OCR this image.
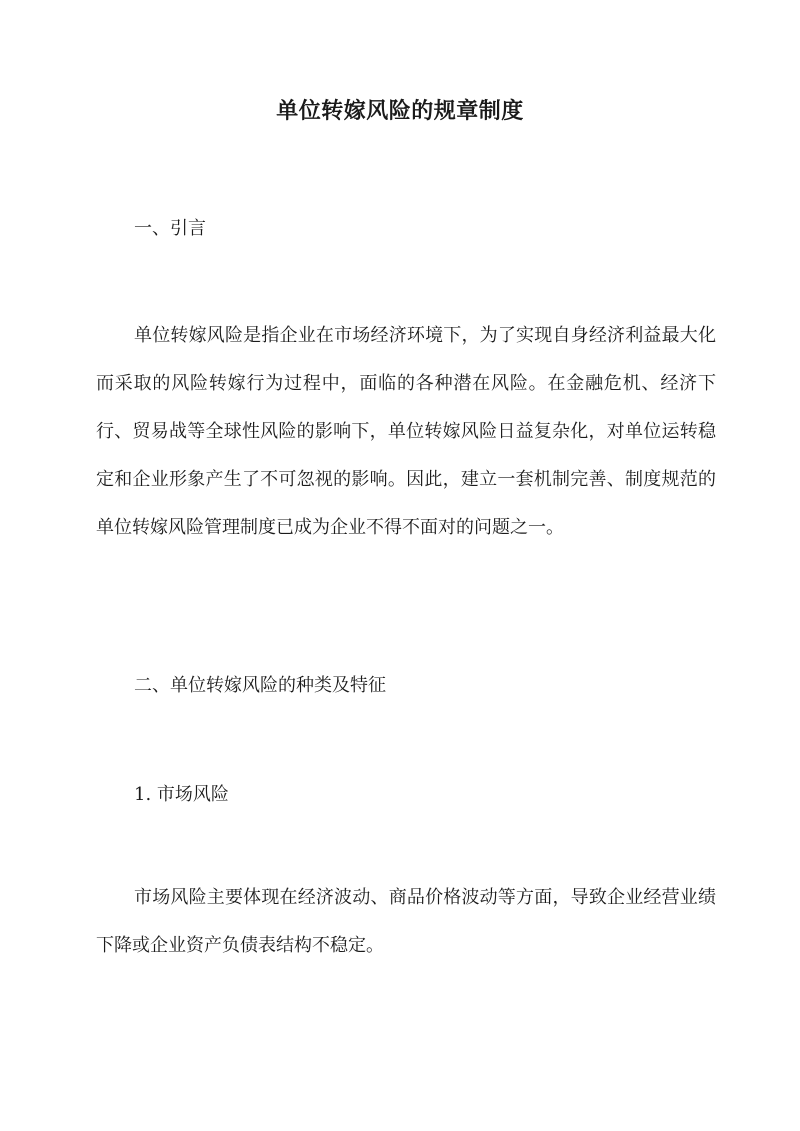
单位转嫁风险的规章制度
一、引言

单位转嫁风险是指企业在市场经济环境下，为了实现自身经济利益最大化而采取的风险转嫁行为过程中，面临的各种潜在风险。在金融危机、经济下行、贸易战等全球性风险的影响下，单位转嫁风险日益复杂化，对单位运转稳定和企业形象产生了不可忽视的影响。因此，建立一套机制完善、制度规范的单位转嫁风险管理制度已成为企业不得不面对的问题之一。

二、单位转嫁风险的种类及特征
1. 市场风险

市场风险主要体现在经济波动、商品价格波动等方面，导致企业经营业绩下降或企业资产负债表结构不稳定。
